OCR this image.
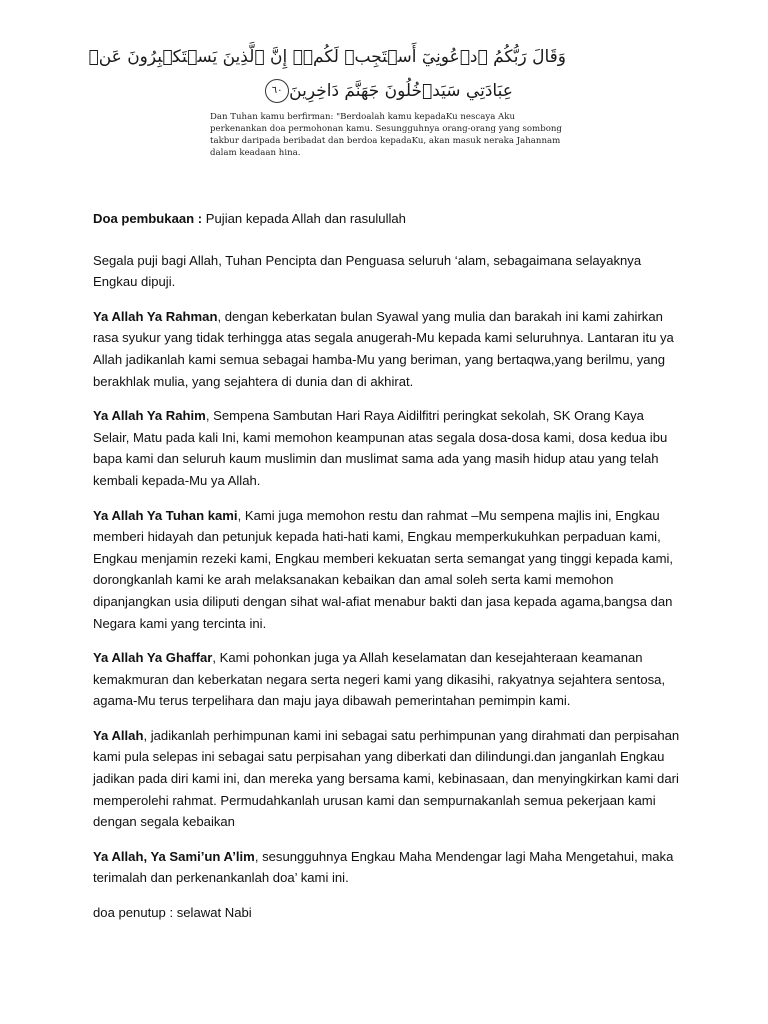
وَقَالَ رَبُّكُمُ ٱدۡعُونِيٓ أَسۡتَجِبۡ لَكُمۡۚ إِنَّ ٱلَّذِينَ يَسۡتَكۡبِرُونَ عَنۡ
عِبَادَتِي سَيَدۡخُلُونَ جَهَنَّمَ دَاخِرِينَ٦٠
Dan Tuhan kamu berfirman: "Berdoalah kamu kepadaKu nescaya Aku perkenankan doa permohonan kamu. Sesungguhnya orang-orang yang sombong takbur daripada beribadat dan berdoa kepadaKu, akan masuk neraka Jahannam dalam keadaan hina.

Doa pembukaan : Pujian kepada Allah dan rasulullah

Segala puji bagi Allah, Tuhan Pencipta dan Penguasa seluruh ‘alam, sebagaimana selayaknya Engkau dipuji.

Ya Allah Ya Rahman, dengan keberkatan bulan Syawal yang mulia dan barakah ini kami zahirkan rasa syukur yang tidak terhingga atas segala anugerah-Mu kepada kami seluruhnya. Lantaran itu ya Allah jadikanlah kami semua sebagai hamba-Mu yang beriman, yang bertaqwa,yang berilmu, yang berakhlak mulia, yang sejahtera di dunia dan di akhirat.

Ya Allah Ya Rahim, Sempena Sambutan Hari Raya Aidilfitri peringkat sekolah, SK Orang Kaya Selair, Matu pada kali Ini, kami memohon keampunan atas segala dosa-dosa kami, dosa kedua ibu bapa kami dan seluruh kaum muslimin dan muslimat sama ada yang masih hidup atau yang telah kembali kepada-Mu ya Allah.

Ya Allah Ya Tuhan kami, Kami juga memohon restu dan rahmat –Mu sempena majlis ini, Engkau memberi hidayah dan petunjuk kepada hati-hati kami, Engkau memperkukuhkan perpaduan kami, Engkau menjamin rezeki kami, Engkau memberi kekuatan serta semangat yang tinggi kepada kami, dorongkanlah kami ke arah melaksanakan kebaikan dan amal soleh serta kami memohon dipanjangkan usia diliputi dengan sihat wal-afiat menabur bakti dan jasa kepada agama,bangsa dan Negara kami yang tercinta ini.

Ya Allah Ya Ghaffar, Kami pohonkan juga ya Allah keselamatan dan kesejahteraan keamanan kemakmuran dan keberkatan negara serta negeri kami yang dikasihi, rakyatnya sejahtera sentosa, agama-Mu terus terpelihara dan maju jaya dibawah pemerintahan pemimpin kami.

Ya Allah, jadikanlah perhimpunan kami ini sebagai satu perhimpunan yang dirahmati dan perpisahan kami pula selepas ini sebagai satu perpisahan yang diberkati dan dilindungi.dan janganlah Engkau jadikan pada diri kami ini, dan mereka yang bersama kami, kebinasaan, dan menyingkirkan kami dari memperolehi rahmat. Permudahkanlah urusan kami dan sempurnakanlah semua pekerjaan kami dengan segala kebaikan

Ya Allah, Ya Sami’un A’lim, sesungguhnya Engkau Maha Mendengar lagi Maha Mengetahui, maka terimalah dan perkenankanlah doa’ kami ini.

doa penutup : selawat Nabi
